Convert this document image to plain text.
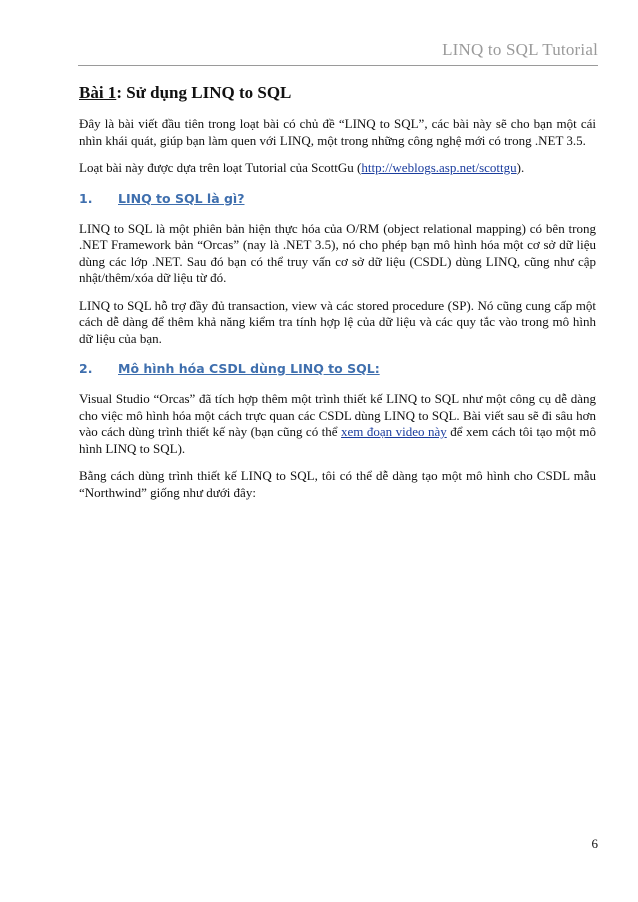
LINQ to SQL Tutorial
Bài 1: Sử dụng LINQ to SQL

Đây là bài viết đầu tiên trong loạt bài có chủ đề “LINQ to SQL”, các bài này sẽ cho bạn một cái nhìn khái quát, giúp bạn làm quen với LINQ, một trong những công nghệ mới có trong .NET 3.5.

Loạt bài này được dựa trên loạt Tutorial của ScottGu (http://weblogs.asp.net/scottgu).

1.	LINQ to SQL là gì?

LINQ to SQL là một phiên bản hiện thực hóa của O/RM (object relational mapping) có bên trong .NET Framework bản “Orcas” (nay là .NET 3.5), nó cho phép bạn mô hình hóa một cơ sở dữ liệu dùng các lớp .NET. Sau đó bạn có thể truy vấn cơ sở dữ liệu (CSDL) dùng LINQ, cũng như cập nhật/thêm/xóa dữ liệu từ đó.

LINQ to SQL hỗ trợ đầy đủ transaction, view và các stored procedure (SP). Nó cũng cung cấp một cách dễ dàng để thêm khả năng kiểm tra tính hợp lệ của dữ liệu và các quy tắc vào trong mô hình dữ liệu của bạn.

2.	Mô hình hóa CSDL dùng LINQ to SQL:

Visual Studio “Orcas” đã tích hợp thêm một trình thiết kế LINQ to SQL như một công cụ dễ dàng cho việc mô hình hóa một cách trực quan các CSDL dùng LINQ to SQL. Bài viết sau sẽ đi sâu hơn vào cách dùng trình thiết kế này (bạn cũng có thể xem đoạn video này để xem cách tôi tạo một mô hình LINQ to SQL).

Bằng cách dùng trình thiết kế LINQ to SQL, tôi có thể dễ dàng tạo một mô hình cho CSDL mẫu “Northwind” giống như dưới đây:

6
